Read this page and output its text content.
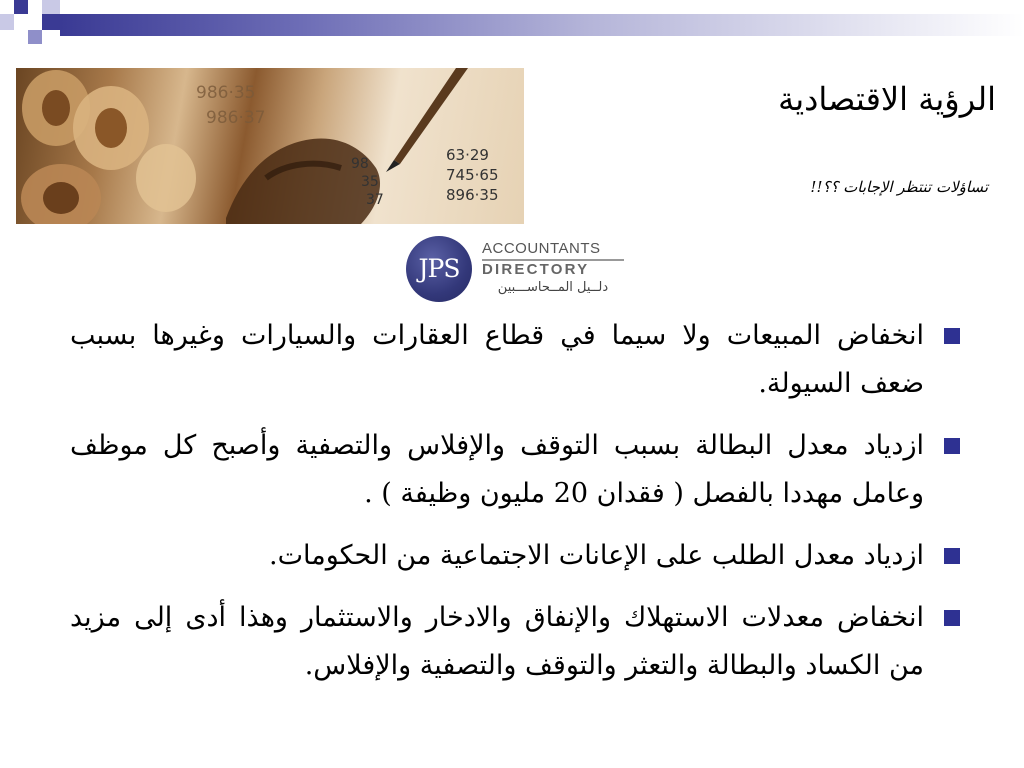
986·35
986·37
98
35
37
63·29
745·65
896·35
الرؤية الاقتصادية
تساؤلات تنتظر الإجابات ؟؟!!
JPS
ACCOUNTANTS
DIRECTORY
دلــيل المــحاســـبين
انخفاض المبيعات ولا سيما في قطاع العقارات والسيارات وغيرها بسبب ضعف السيولة.
ازدياد معدل البطالة بسبب التوقف والإفلاس والتصفية وأصبح كل موظف وعامل مهددا بالفصل ( فقدان 20 مليون وظيفة ) .
ازدياد معدل الطلب على الإعانات الاجتماعية من الحكومات.
انخفاض معدلات الاستهلاك والإنفاق والادخار والاستثمار وهذا أدى إلى مزيد من الكساد والبطالة والتعثر والتوقف والتصفية والإفلاس.
